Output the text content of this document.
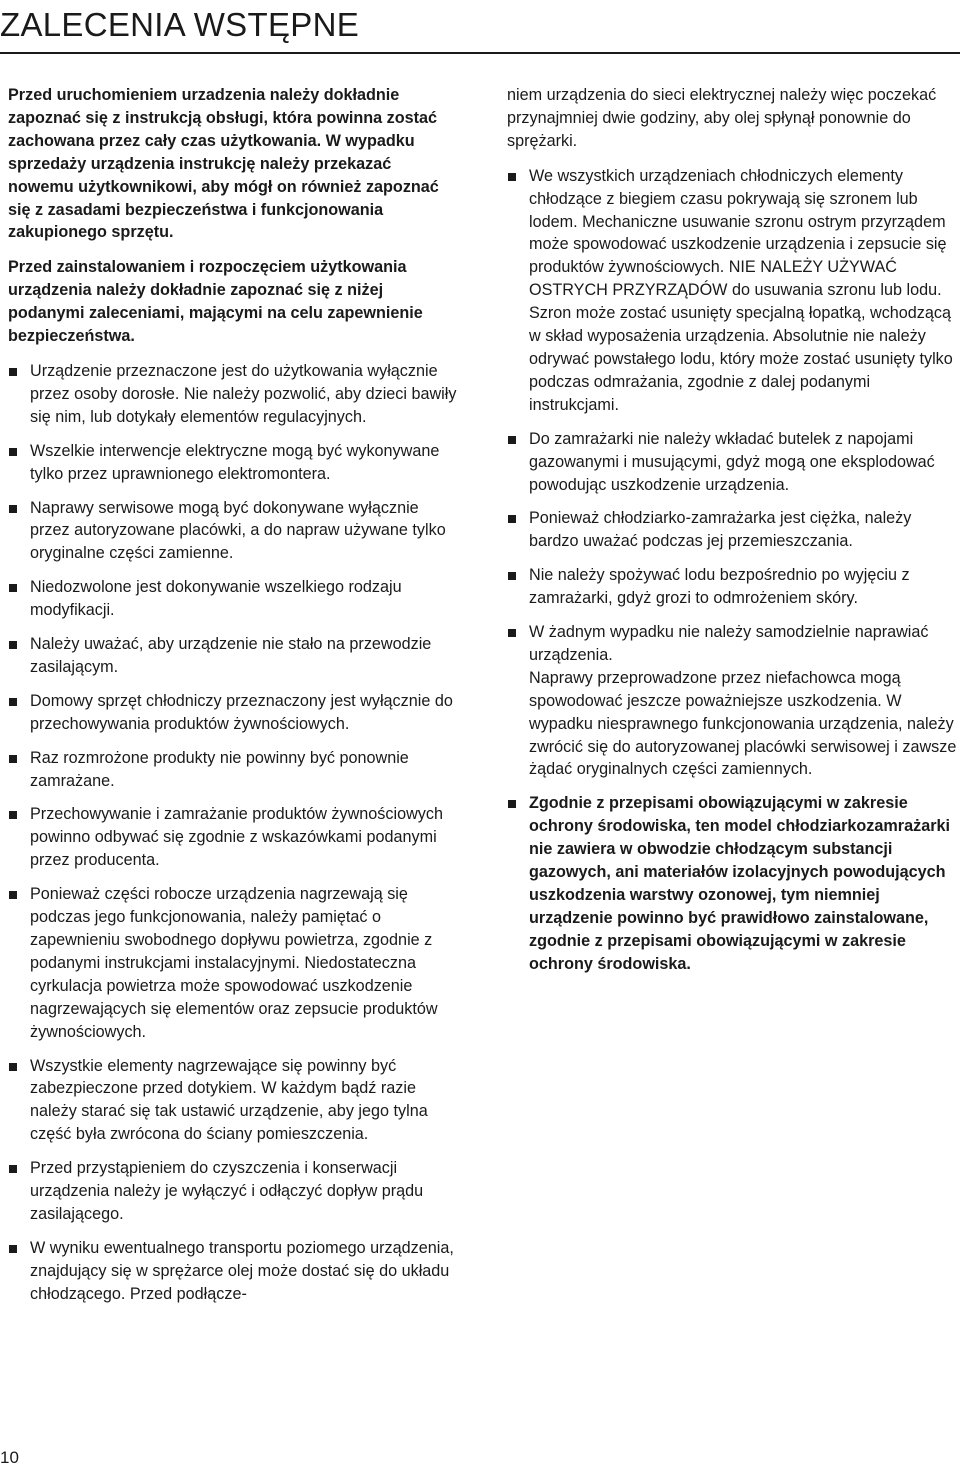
ZALECENIA WSTĘPNE

Przed uruchomieniem urzadzenia należy dokładnie zapoznać się z instrukcją obsługi, która powinna zostać zachowana przez cały czas użytkowania. W wypadku sprzedaży urządzenia instrukcję należy przekazać nowemu użytkownikowi, aby mógł on również zapoznać się z zasadami bezpieczeństwa i funkcjonowania zakupionego sprzętu.

Przed zainstalowaniem i rozpoczęciem użytkowania urządzenia należy dokładnie zapoznać się z niżej podanymi zaleceniami, mającymi na celu zapewnienie bezpieczeństwa.

Urządzenie przeznaczone jest do użytkowania wyłącznie przez osoby dorosłe. Nie należy pozwolić, aby dzieci bawiły się nim, lub dotykały elementów regulacyjnych.
Wszelkie interwencje elektryczne mogą być wykonywane tylko przez uprawnionego elektromontera.
Naprawy serwisowe mogą być dokonywane wyłącznie przez autoryzowane placówki, a do napraw używane tylko oryginalne części zamienne.
Niedozwolone jest dokonywanie wszelkiego rodzaju modyfikacji.
Należy uważać, aby urządzenie nie stało na przewodzie zasilającym.
Domowy sprzęt chłodniczy przeznaczony jest wyłącznie do przechowywania produktów żywnościowych.
Raz rozmrożone produkty nie powinny być ponownie zamrażane.
Przechowywanie i zamrażanie produktów żywnościowych powinno odbywać się zgodnie z wskazówkami podanymi przez producenta.
Ponieważ części robocze urządzenia nagrzewają się podczas jego funkcjonowania, należy pamiętać o zapewnieniu swobodnego dopływu powietrza, zgodnie z podanymi instrukcjami instalacyjnymi. Niedostateczna cyrkulacja powietrza może spowodować uszkodzenie nagrzewających się elementów oraz zepsucie produktów żywnościowych.
Wszystkie elementy nagrzewające się powinny być zabezpieczone przed dotykiem. W każdym bądź razie należy starać się tak ustawić urządzenie, aby jego tylna część była zwrócona do ściany pomieszczenia.
Przed przystąpieniem do czyszczenia i konserwacji urządzenia należy je wyłączyć i odłączyć dopływ prądu zasilającego.
W wyniku ewentualnego transportu poziomego urządzenia, znajdujący się w sprężarce olej może dostać się do układu chłodzącego. Przed podłącze-

niem urządzenia do sieci elektrycznej należy więc poczekać przynajmniej dwie godziny, aby olej spłynął ponownie do sprężarki.

We wszystkich urządzeniach chłodniczych elementy chłodzące z biegiem czasu pokrywają się szronem lub lodem. Mechaniczne usuwanie szronu ostrym przyrządem może spowodować uszkodzenie urządzenia i zepsucie się produktów żywnościowych. NIE NALEŻY UŻYWAĆ OSTRYCH PRZYRZĄDÓW do usuwania szronu lub lodu. Szron może zostać usunięty specjalną łopatką, wchodzącą w skład wyposażenia urządzenia. Absolutnie nie należy odrywać powstałego lodu, który może zostać usunięty tylko podczas odmrażania, zgodnie z dalej podanymi instrukcjami.
Do zamrażarki nie należy wkładać butelek z napojami gazowanymi i musującymi, gdyż mogą one eksplodować powodując uszkodzenie urządzenia.
Ponieważ chłodziarko-zamrażarka jest ciężka, należy bardzo uważać podczas jej przemieszczania.
Nie należy spożywać lodu bezpośrednio po wyjęciu z zamrażarki, gdyż grozi to odmrożeniem skóry.
W żadnym wypadku nie należy samodzielnie naprawiać urządzenia.
Naprawy przeprowadzone przez niefachowca mogą spowodować jeszcze poważniejsze uszkodzenia. W wypadku niesprawnego funkcjonowania urządzenia, należy zwrócić się do autoryzowanej placówki serwisowej i zawsze żądać oryginalnych części zamiennych.
Zgodnie z przepisami obowiązującymi w zakresie ochrony środowiska, ten model chłodziarkozamrażarki nie zawiera w obwodzie chłodzącym substancji gazowych, ani materiałów izolacyjnych powodujących uszkodzenia warstwy ozonowej, tym niemniej urządzenie powinno być prawidłowo zainstalowane, zgodnie z przepisami obowiązującymi w zakresie ochrony środowiska.
10
